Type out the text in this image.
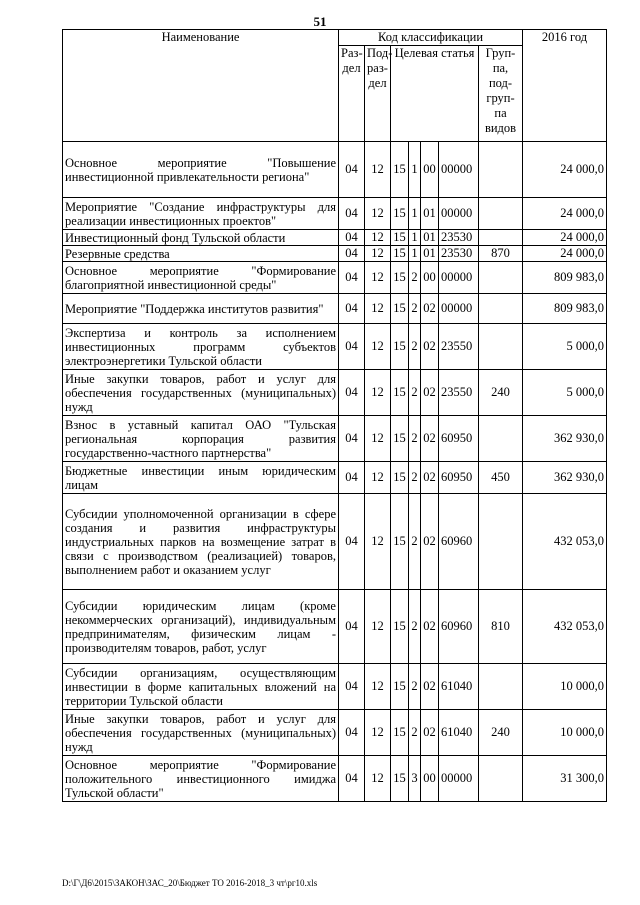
51
Наименование	Код классификации							2016 год
	Раз-дел	Под-раз-дел	Целевая статья				Груп-па, под-груп-па видов	
Основное мероприятие "Повышение инвестиционной привлекательности региона"	04	12	15	1	00	00000		24 000,0
Мероприятие "Создание инфраструктуры для реализации инвестиционных проектов"	04	12	15	1	01	00000		24 000,0
Инвестиционный фонд Тульской области	04	12	15	1	01	23530		24 000,0
Резервные средства	04	12	15	1	01	23530	870	24 000,0
Основное мероприятие "Формирование благоприятной инвестиционной среды"	04	12	15	2	00	00000		809 983,0
Мероприятие "Поддержка институтов развития"	04	12	15	2	02	00000		809 983,0
Экспертиза и контроль за исполнением инвестиционных программ субъектов электроэнергетики Тульской области	04	12	15	2	02	23550		5 000,0
Иные закупки товаров, работ и услуг для обеспечения государственных (муниципальных) нужд	04	12	15	2	02	23550	240	5 000,0
Взнос в уставный капитал ОАО "Тульская региональная корпорация развития государственно-частного партнерства"	04	12	15	2	02	60950		362 930,0
Бюджетные инвестиции иным юридическим лицам	04	12	15	2	02	60950	450	362 930,0
Субсидии уполномоченной организации в сфере создания и развития инфраструктуры индустриальных парков на возмещение затрат в связи с производством (реализацией) товаров, выполнением работ и оказанием услуг	04	12	15	2	02	60960		432 053,0
Субсидии юридическим лицам (кроме некоммерческих организаций), индивидуальным предпринимателям, физическим лицам - производителям товаров, работ, услуг	04	12	15	2	02	60960	810	432 053,0
Субсидии организациям, осуществляющим инвестиции в форме капитальных вложений на территории Тульской области	04	12	15	2	02	61040		10 000,0
Иные закупки товаров, работ и услуг для обеспечения государственных (муниципальных) нужд	04	12	15	2	02	61040	240	10 000,0
Основное мероприятие "Формирование положительного инвестиционного имиджа Тульской области"	04	12	15	3	00	00000		31 300,0
D:\Г\Д6\2015\ЗАКОН\ЗАС_20\Бюджет ТО 2016-2018_3 чт\рг10.xls
